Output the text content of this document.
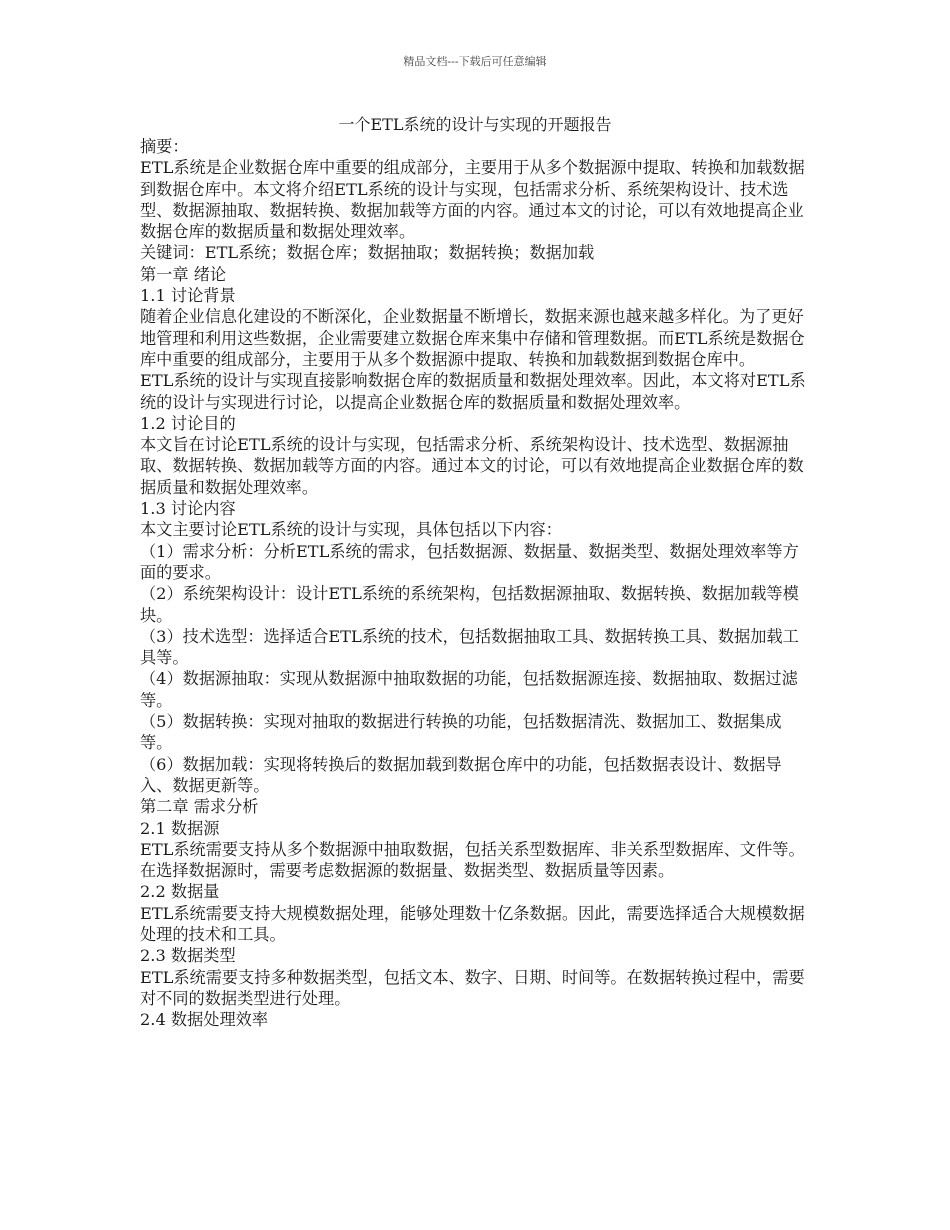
精品文档---下载后可任意编辑
一个ETL系统的设计与实现的开题报告

摘要：

ETL系统是企业数据仓库中重要的组成部分，主要用于从多个数据源中提取、转换和加载数据到数据仓库中。本文将介绍ETL系统的设计与实现，包括需求分析、系统架构设计、技术选型、数据源抽取、数据转换、数据加载等方面的内容。通过本文的讨论，可以有效地提高企业数据仓库的数据质量和数据处理效率。

关键词：ETL系统；数据仓库；数据抽取；数据转换；数据加载

第一章 绪论

1.1 讨论背景

随着企业信息化建设的不断深化，企业数据量不断增长，数据来源也越来越多样化。为了更好地管理和利用这些数据，企业需要建立数据仓库来集中存储和管理数据。而ETL系统是数据仓库中重要的组成部分，主要用于从多个数据源中提取、转换和加载数据到数据仓库中。

ETL系统的设计与实现直接影响数据仓库的数据质量和数据处理效率。因此，本文将对ETL系统的设计与实现进行讨论，以提高企业数据仓库的数据质量和数据处理效率。

1.2 讨论目的

本文旨在讨论ETL系统的设计与实现，包括需求分析、系统架构设计、技术选型、数据源抽取、数据转换、数据加载等方面的内容。通过本文的讨论，可以有效地提高企业数据仓库的数据质量和数据处理效率。

1.3 讨论内容

本文主要讨论ETL系统的设计与实现，具体包括以下内容：

（1）需求分析：分析ETL系统的需求，包括数据源、数据量、数据类型、数据处理效率等方面的要求。

（2）系统架构设计：设计ETL系统的系统架构，包括数据源抽取、数据转换、数据加载等模块。

（3）技术选型：选择适合ETL系统的技术，包括数据抽取工具、数据转换工具、数据加载工具等。

（4）数据源抽取：实现从数据源中抽取数据的功能，包括数据源连接、数据抽取、数据过滤等。

（5）数据转换：实现对抽取的数据进行转换的功能，包括数据清洗、数据加工、数据集成等。

（6）数据加载：实现将转换后的数据加载到数据仓库中的功能，包括数据表设计、数据导入、数据更新等。

第二章 需求分析

2.1 数据源

ETL系统需要支持从多个数据源中抽取数据，包括关系型数据库、非关系型数据库、文件等。在选择数据源时，需要考虑数据源的数据量、数据类型、数据质量等因素。

2.2 数据量

ETL系统需要支持大规模数据处理，能够处理数十亿条数据。因此，需要选择适合大规模数据处理的技术和工具。

2.3 数据类型

ETL系统需要支持多种数据类型，包括文本、数字、日期、时间等。在数据转换过程中，需要对不同的数据类型进行处理。

2.4 数据处理效率
